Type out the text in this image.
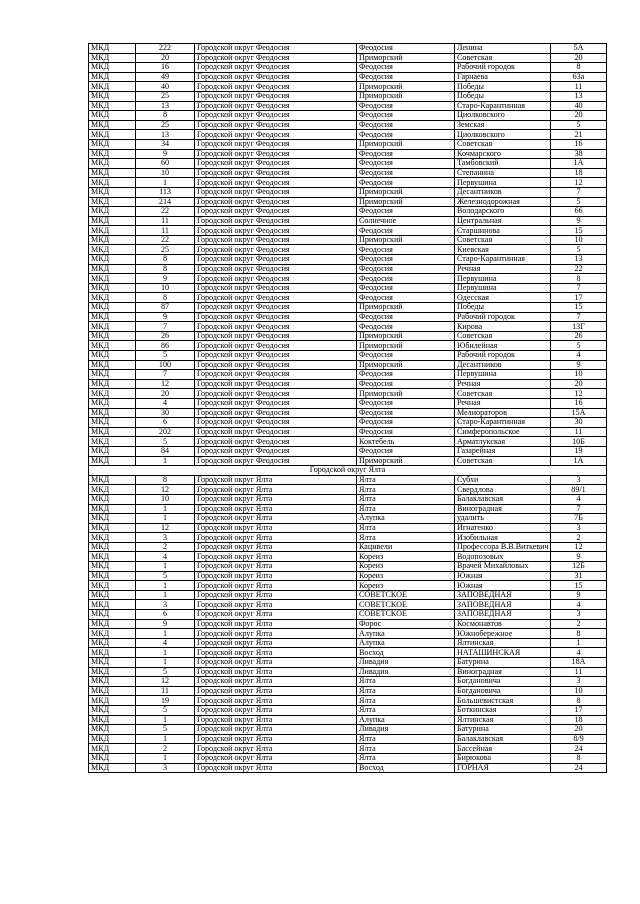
МКД	222	Городской округ Феодосия	Феодосия	Ленина	5А
МКД	20	Городской округ Феодосия	Приморский	Советская	20
МКД	16	Городской округ Феодосия	Феодосия	Рабочий городок	8
МКД	49	Городской округ Феодосия	Феодосия	Гарнаева	63а
МКД	40	Городской округ Феодосия	Приморский	Победы	11
МКД	25	Городской округ Феодосия	Приморский	Победы	13
МКД	13	Городской округ Феодосия	Феодосия	Старо-Карантинная	40
МКД	8	Городской округ Феодосия	Феодосия	Циолковского	20
МКД	25	Городской округ Феодосия	Феодосия	Земская	5
МКД	13	Городской округ Феодосия	Феодосия	Циолковского	21
МКД	34	Городской округ Феодосия	Приморский	Советская	16
МКД	9	Городской округ Феодосия	Феодосия	Кочмарского	38
МКД	60	Городской округ Феодосия	Феодосия	Тамбовский	1А
МКД	10	Городской округ Феодосия	Феодосия	Степанина	18
МКД	1	Городской округ Феодосия	Феодосия	Первушина	12
МКД	113	Городской округ Феодосия	Приморский	Десантников	7
МКД	214	Городской округ Феодосия	Приморский	Железнодорожная	5
МКД	22	Городской округ Феодосия	Феодосия	Володарского	66
МКД	11	Городской округ Феодосия	Солнечное	Центральная	9
МКД	11	Городской округ Феодосия	Феодосия	Старшинова	15
МКД	22	Городской округ Феодосия	Приморский	Советская	10
МКД	25	Городской округ Феодосия	Феодосия	Киевская	5
МКД	8	Городской округ Феодосия	Феодосия	Старо-Карантинная	13
МКД	8	Городской округ Феодосия	Феодосия	Речная	22
МКД	9	Городской округ Феодосия	Феодосия	Первушина	8
МКД	10	Городской округ Феодосия	Феодосия	Первушина	7
МКД	8	Городской округ Феодосия	Феодосия	Одесская	17
МКД	87	Городской округ Феодосия	Приморский	Победы	15
МКД	9	Городской округ Феодосия	Феодосия	Рабочий городок	7
МКД	7	Городской округ Феодосия	Феодосия	Кирова	13Г
МКД	26	Городской округ Феодосия	Приморский	Советская	26
МКД	86	Городской округ Феодосия	Приморский	Юбилейная	5
МКД	5	Городской округ Феодосия	Феодосия	Рабочий городок	4
МКД	100	Городской округ Феодосия	Приморский	Десантников	9
МКД	7	Городской округ Феодосия	Феодосия	Первушина	10
МКД	12	Городской округ Феодосия	Феодосия	Речная	20
МКД	20	Городской округ Феодосия	Приморский	Советская	12
МКД	4	Городской округ Феодосия	Феодосия	Речная	16
МКД	30	Городской округ Феодосия	Феодосия	Мелиораторов	15А
МКД	6	Городской округ Феодосия	Феодосия	Старо-Карантинная	30
МКД	202	Городской округ Феодосия	Феодосия	Симферопольское	11
МКД	5	Городской округ Феодосия	Коктебель	Арматлукская	10Б
МКД	84	Городской округ Феодосия	Феодосия	Газарейная	19
МКД	1	Городской округ Феодосия	Приморский	Советская	1А
Городской округ Ялта					
МКД	8	Городской округ Ялта	Ялта	Субхи	3
МКД	12	Городской округ Ялта	Ялта	Свердлова	89/1
МКД	10	Городской округ Ялта	Ялта	Балаклавская	4
МКД	1	Городской округ Ялта	Ялта	Виноградная	7
МКД	1	Городской округ Ялта	Алупка	удалить	7Б
МКД	12	Городской округ Ялта	Ялта	Игнатенко	3
МКД	3	Городской округ Ялта	Ялта	Изобильная	2
МКД	2	Городской округ Ялта	Кацивели	Профессора В.В.Виткевич	12
МКД	4	Городской округ Ялта	Кореиз	Водопозовых	9
МКД	1	Городской округ Ялта	Кореиз	Врачей Михайловых	12Б
МКД	5	Городской округ Ялта	Кореиз	Южная	31
МКД	1	Городской округ Ялта	Кореиз	Южная	15
МКД	1	Городской округ Ялта	СОВЕТСКОЕ	ЗАПОВЕДНАЯ	9
МКД	3	Городской округ Ялта	СОВЕТСКОЕ	ЗАПОВЕДНАЯ	4
МКД	6	Городской округ Ялта	СОВЕТСКОЕ	ЗАПОВЕДНАЯ	3
МКД	9	Городской округ Ялта	Форос	Космонавтов	2
МКД	1	Городской округ Ялта	Алупка	Южнобережное	8
МКД	4	Городской округ Ялта	Алупка	Ялтинская	1
МКД	1	Городской округ Ялта	Восход	НАТАШИНСКАЯ	4
МКД	1	Городской округ Ялта	Ливадия	Батурина	18А
МКД	5	Городской округ Ялта	Ливадия	Виноградная	11
МКД	12	Городской округ Ялта	Ялта	Богдановича	3
МКД	11	Городской округ Ялта	Ялта	Богдановича	10
МКД	19	Городской округ Ялта	Ялта	Большевистская	8
МКД	5	Городской округ Ялта	Ялта	Боткинская	17
МКД	1	Городской округ Ялта	Алупка	Ялтинская	18
МКД	5	Городской округ Ялта	Ливадия	Батурина	20
МКД	1	Городской округ Ялта	Ялта	Балаклавская	8/9
МКД	2	Городской округ Ялта	Ялта	Бассейная	24
МКД	1	Городской округ Ялта	Ялта	Бирюкова	8
МКД	3	Городской округ Ялта	Восход	ГОРНАЯ	24
